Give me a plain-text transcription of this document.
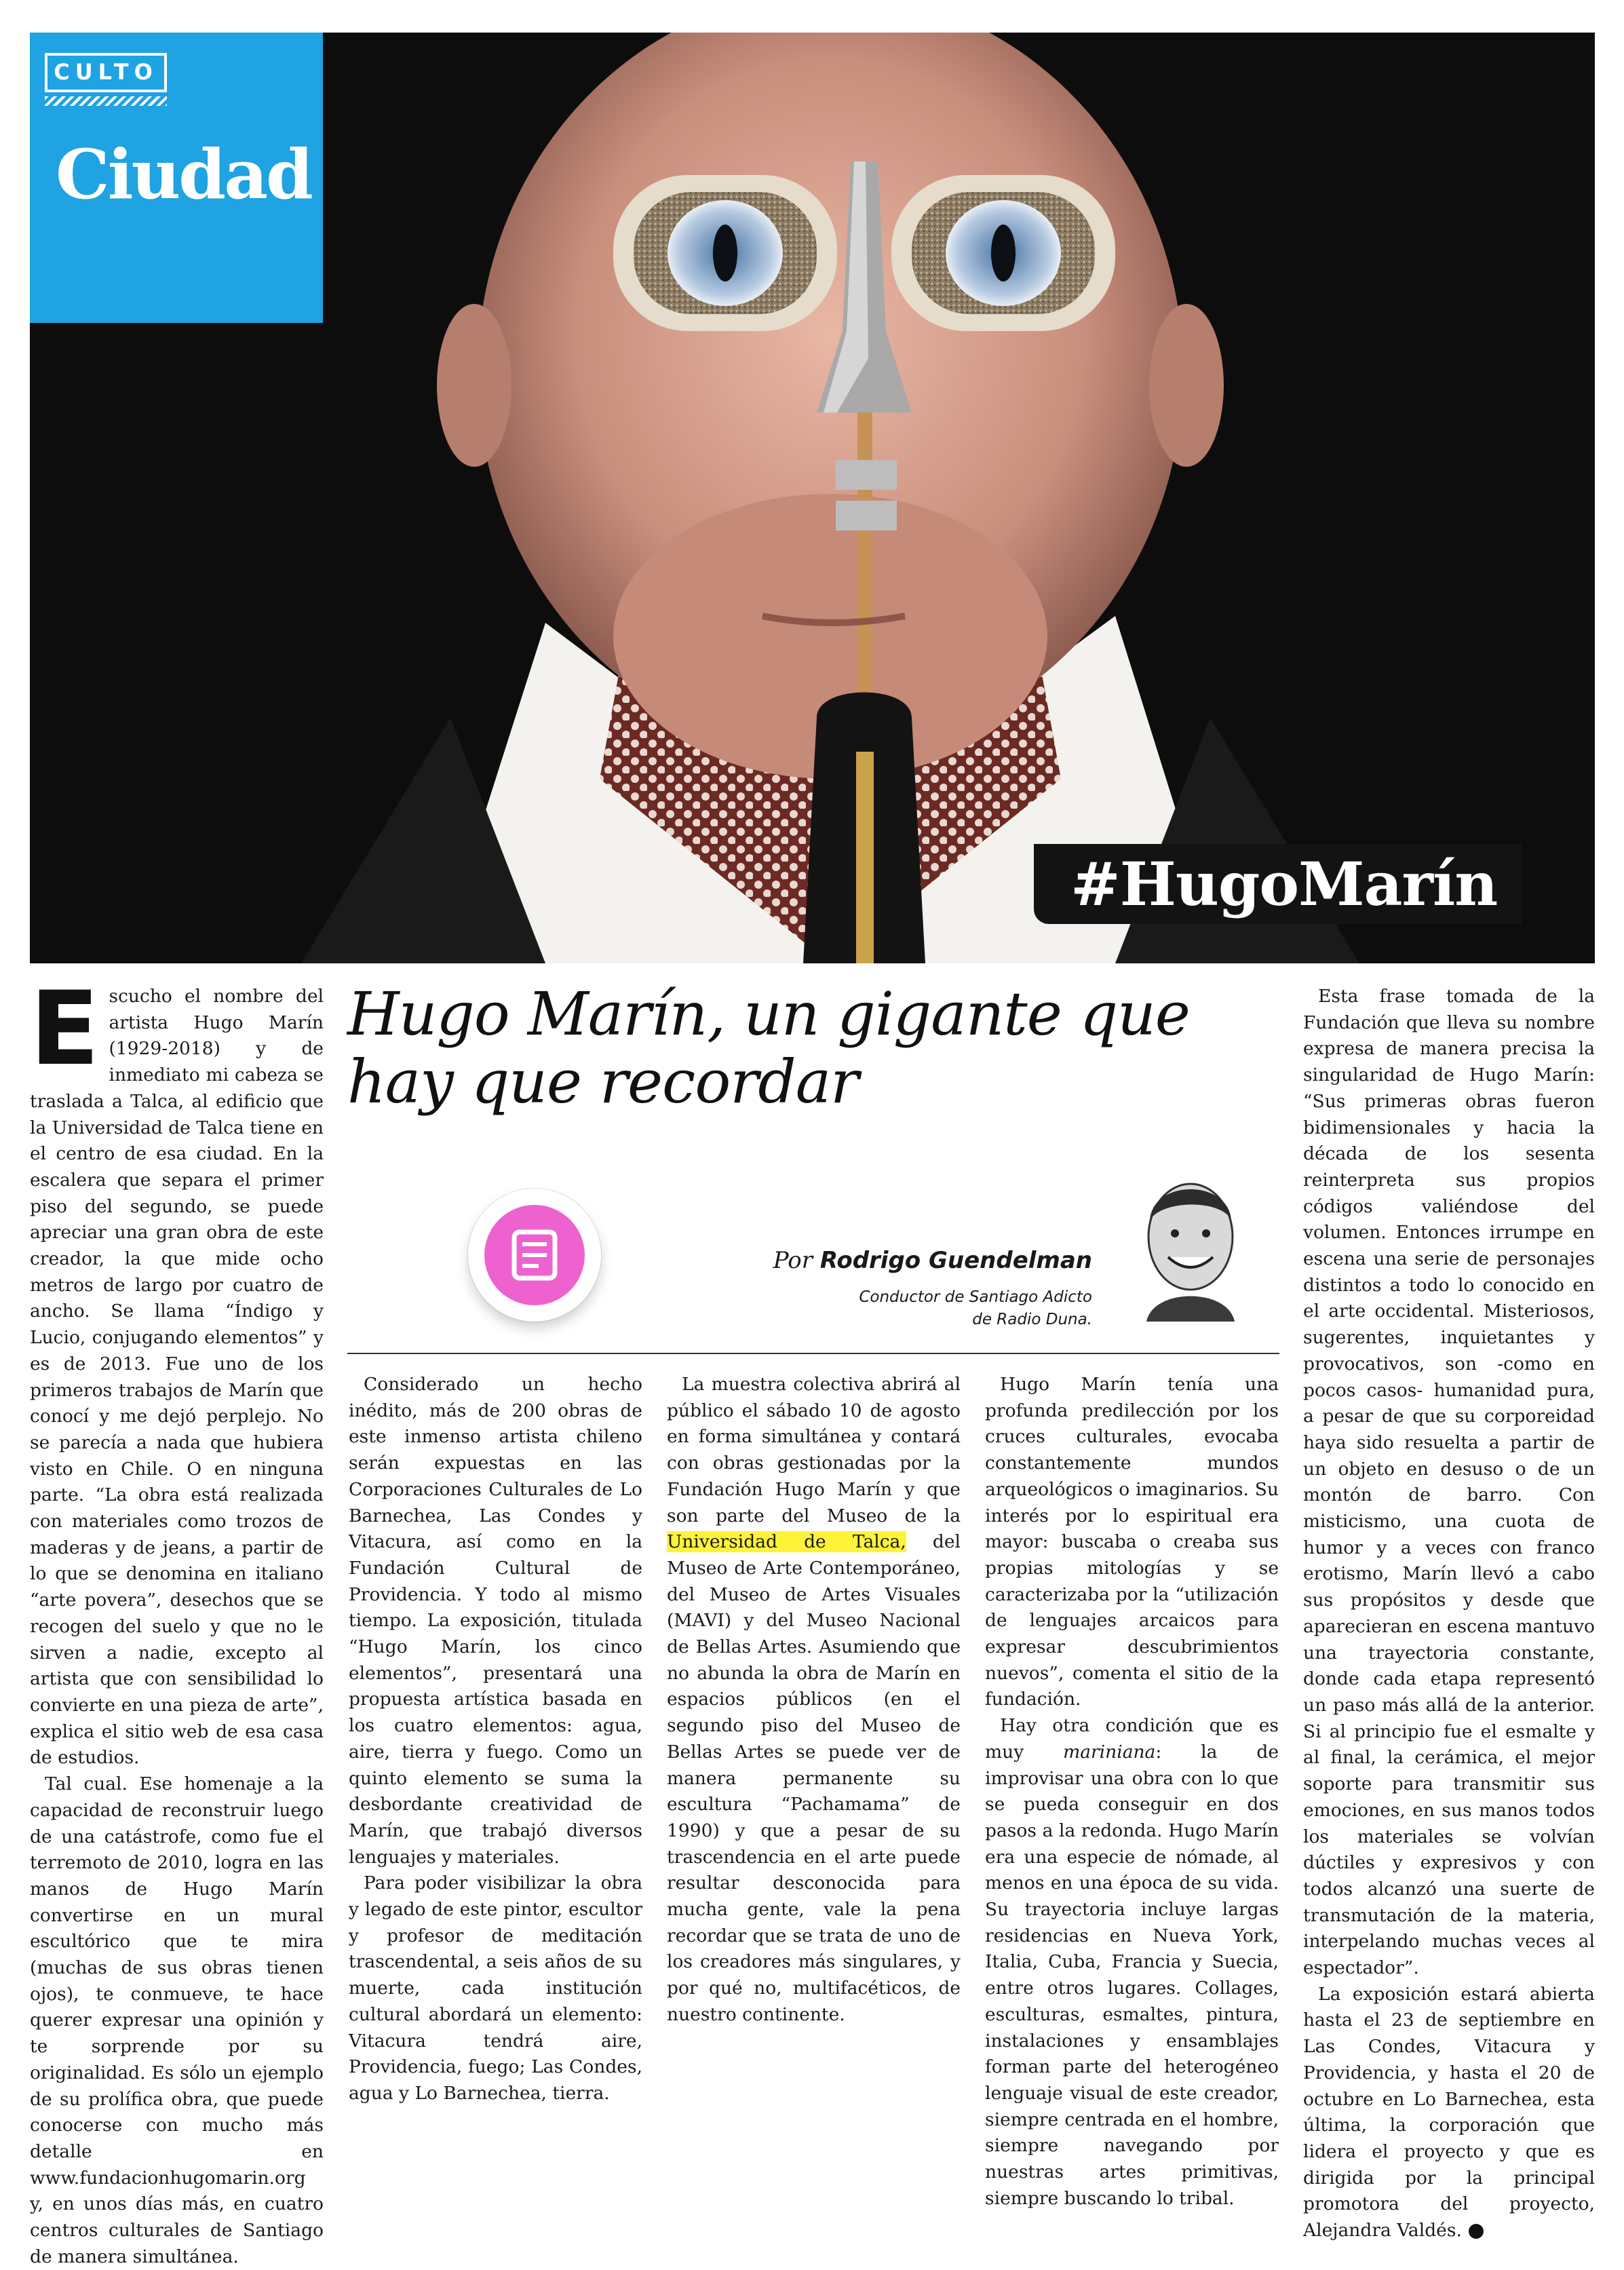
#HugoMarín
CULTO
Ciudad
Hugo Marín, un gigante que hay que recordar
Por Rodrigo Guendelman
Conductor de Santiago Adicto
de Radio Duna.

Escucho el nombre del artista Hugo Marín (1929-2018) y de inmediato mi cabeza se traslada a Talca, al edificio que la Universidad de Talca tiene en el centro de esa ciudad. En la escalera que separa el primer piso del segundo, se puede apreciar una gran obra de este creador, la que mide ocho metros de largo por cuatro de ancho. Se llama “Índigo y Lucio, conjugando elementos” y es de 2013. Fue uno de los primeros trabajos de Marín que conocí y me dejó perplejo. No se parecía a nada que hubiera visto en Chile. O en ninguna parte. “La obra está realizada con materiales como trozos de maderas y de jeans, a partir de lo que se denomina en italiano “arte povera”, desechos que se recogen del suelo y que no le sirven a nadie, excepto al artista que con sensibilidad lo convierte en una pieza de arte”, explica el sitio web de esa casa de estudios.

Tal cual. Ese homenaje a la capacidad de reconstruir luego de una catástrofe, como fue el terremoto de 2010, logra en las manos de Hugo Marín convertirse en un mural escultórico que te mira (muchas de sus obras tienen ojos), te conmueve, te hace querer expresar una opinión y te sorprende por su originalidad. Es sólo un ejemplo de su prolífica obra, que puede conocerse con mucho más detalle en www.fundacionhugomarin.org y, en unos días más, en cuatro centros culturales de Santiago de manera simultánea.

Considerado un hecho inédito, más de 200 obras de este inmenso artista chileno serán expuestas en las Corporaciones Culturales de Lo Barnechea, Las Condes y Vitacura, así como en la Fundación Cultural de Providencia. Y todo al mismo tiempo. La exposición, titulada “Hugo Marín, los cinco elementos”, presentará una propuesta artística basada en los cuatro elementos: agua, aire, tierra y fuego. Como un quinto elemento se suma la desbordante creatividad de Marín, que trabajó diversos lenguajes y materiales.

Para poder visibilizar la obra y legado de este pintor, escultor y profesor de meditación trascendental, a seis años de su muerte, cada institución cultural abordará un elemento: Vitacura tendrá aire, Providencia, fuego; Las Condes, agua y Lo Barnechea, tierra.

La muestra colectiva abrirá al público el sábado 10 de agosto en forma simultánea y contará con obras gestionadas por la Fundación Hugo Marín y que son parte del Museo de la Universidad de Talca, del Museo de Arte Contemporáneo, del Museo de Artes Visuales (MAVI) y del Museo Nacional de Bellas Artes. Asumiendo que no abunda la obra de Marín en espacios públicos (en el segundo piso del Museo de Bellas Artes se puede ver de manera permanente su escultura “Pachamama” de 1990) y que a pesar de su trascendencia en el arte puede resultar desconocida para mucha gente, vale la pena recordar que se trata de uno de los creadores más singulares, y por qué no, multifacéticos, de nuestro continente.

Hugo Marín tenía una profunda predilección por los cruces culturales, evocaba constantemente mundos arqueológicos o imaginarios. Su interés por lo espiritual era mayor: buscaba o creaba sus propias mitologías y se caracterizaba por la “utilización de lenguajes arcaicos para expresar descubrimientos nuevos”, comenta el sitio de la fundación.

Hay otra condición que es muy mariniana: la de improvisar una obra con lo que se pueda conseguir en dos pasos a la redonda. Hugo Marín era una especie de nómade, al menos en una época de su vida. Su trayectoria incluye largas residencias en Nueva York, Italia, Cuba, Francia y Suecia, entre otros lugares. Collages, esculturas, esmaltes, pintura, instalaciones y ensamblajes forman parte del heterogéneo lenguaje visual de este creador, siempre centrada en el hombre, siempre navegando por nuestras artes primitivas, siempre buscando lo tribal.

Esta frase tomada de la Fundación que lleva su nombre expresa de manera precisa la singularidad de Hugo Marín: “Sus primeras obras fueron bidimensionales y hacia la década de los sesenta reinterpreta sus propios códigos valiéndose del volumen. Entonces irrumpe en escena una serie de personajes distintos a todo lo conocido en el arte occidental. Misteriosos, sugerentes, inquietantes y provocativos, son -como en pocos casos- humanidad pura, a pesar de que su corporeidad haya sido resuelta a partir de un objeto en desuso o de un montón de barro. Con misticismo, una cuota de humor y a veces con franco erotismo, Marín llevó a cabo sus propósitos y desde que aparecieran en escena mantuvo una trayectoria constante, donde cada etapa representó un paso más allá de la anterior. Si al principio fue el esmalte y al final, la cerámica, el mejor soporte para transmitir sus emociones, en sus manos todos los materiales se volvían dúctiles y expresivos y con todos alcanzó una suerte de transmutación de la materia, interpelando muchas veces al espectador”.

La exposición estará abierta hasta el 23 de septiembre en Las Condes, Vitacura y Providencia, y hasta el 20 de octubre en Lo Barnechea, esta última, la corporación que lidera el proyecto y que es dirigida por la principal promotora del proyecto, Alejandra Valdés.
